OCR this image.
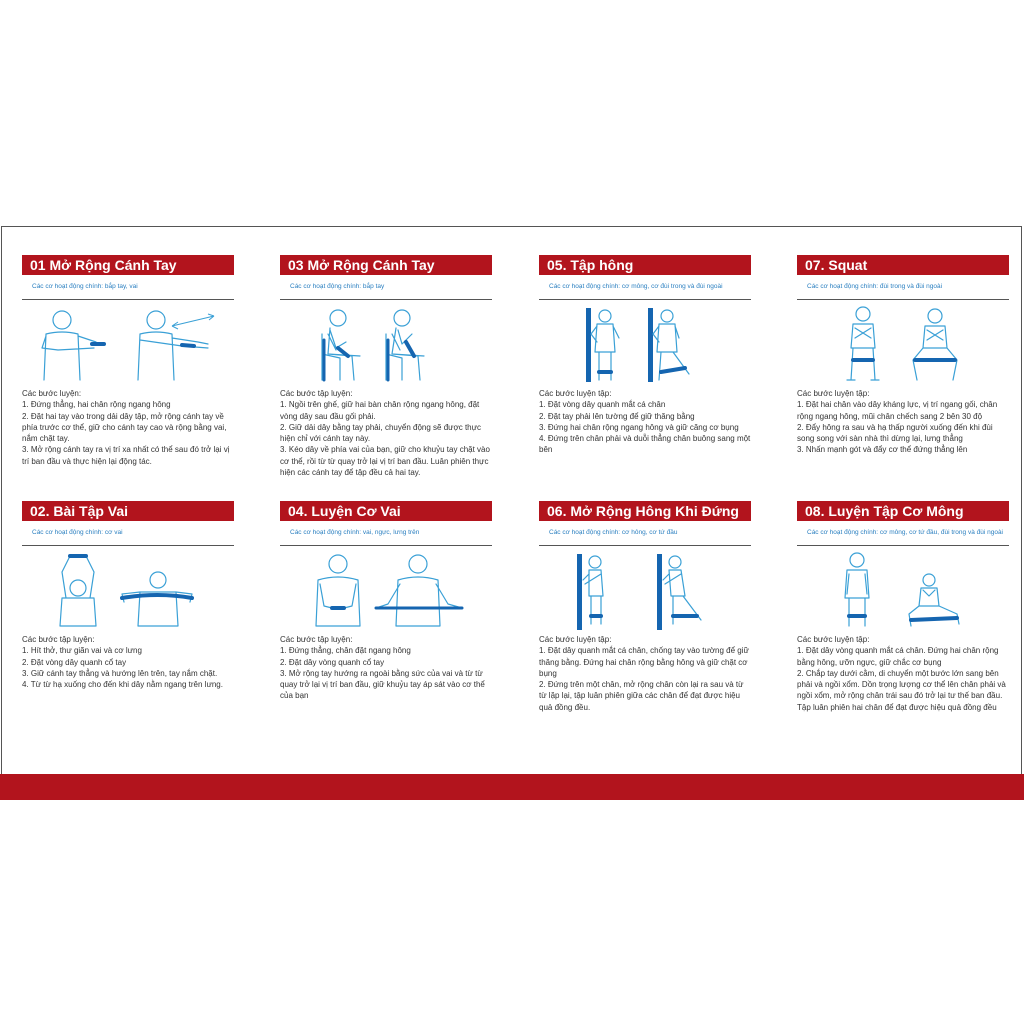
01 Mở Rộng Cánh Tay
Các cơ hoạt động chính: bắp tay, vai

Các bước luyện:

1. Đứng thẳng, hai chân rộng ngang hông
2. Đặt hai tay vào trong dải dây tập, mở rộng cánh tay về phía trước cơ thể, giữ cho cánh tay cao và rộng bằng vai, nắm chặt tay.
3. Mở rộng cánh tay ra vị trí xa nhất có thể sau đó trở lại vị trí ban đầu và thực hiện lại động tác.
03 Mở Rộng Cánh Tay
Các cơ hoạt động chính: bắp tay

Các bước tập luyện:

1. Ngồi trên ghế, giữ hai bàn chân rộng ngang hông, đặt vòng dây sau đầu gối phải.
2. Giữ dải dây bằng tay phải, chuyển động sẽ được thực hiện chỉ với cánh tay này.
3. Kéo dây về phía vai của bạn, giữ cho khuỷu tay chặt vào cơ thể, rồi từ từ quay trở lại vị trí ban đầu. Luân phiên thực hiện các cánh tay để tập đều cả hai tay.
05. Tập hông
Các cơ hoạt động chính: cơ mông, cơ đùi trong và đùi ngoài

Các bước luyện tập:

1. Đặt vòng dây quanh mắt cá chân
2. Đặt tay phải lên tường để giữ thăng bằng
3. Đứng hai chân rộng ngang hông và giữ căng cơ bụng
4. Đứng trên chân phải và duỗi thẳng chân buông sang một bên
07. Squat
Các cơ hoạt động chính: đùi trong và đùi ngoài

Các bước luyện tập:

1. Đặt hai chân vào dây kháng lực, vị trí ngang gối, chân rộng ngang hông, mũi chân chếch sang 2 bên 30 độ
2. Đẩy hông ra sau và hạ thấp người xuống đến khi đùi song song với sàn nhà thì dừng lại, lưng thẳng
3. Nhấn mạnh gót và đẩy cơ thể đứng thẳng lên
02. Bài Tập Vai
Các cơ hoạt động chính: cơ vai

Các bước tập luyện:

1. Hít thở, thư giãn vai và cơ lưng
2. Đặt vòng dây quanh cổ tay
3. Giữ cánh tay thẳng và hướng lên trên, tay nắm chặt.
4. Từ từ hạ xuống cho đến khi dây nằm ngang trên lưng.
04. Luyện Cơ Vai
Các cơ hoạt động chính: vai, ngực, lưng trên

Các bước tập luyện:

1. Đứng thẳng, chân đặt ngang hông
2. Đặt dây vòng quanh cổ tay
3. Mở rộng tay hướng ra ngoài bằng sức của vai và từ từ quay trở lại vị trí ban đầu, giữ khuỷu tay áp sát vào cơ thể của bạn
06. Mở Rộng Hông Khi Đứng
Các cơ hoạt động chính: cơ hông, cơ tứ đầu

Các bước luyện tập:

1. Đặt dây quanh mắt cá chân, chống tay vào tường để giữ thăng bằng. Đứng hai chân rộng bằng hông và giữ chặt cơ bụng
2. Đứng trên một chân, mở rộng chân còn lại ra sau và từ từ lặp lại, tập luân phiên giữa các chân để đạt được hiệu quả đồng đều.
08. Luyện Tập Cơ Mông
Các cơ hoạt động chính: cơ mông, cơ tứ đầu, đùi trong và đùi ngoài

Các bước luyện tập:

1. Đặt dây vòng quanh mắt cá chân. Đứng hai chân rộng bằng hông, ưỡn ngực, giữ chắc cơ bụng
2. Chắp tay dưới cằm, di chuyển một bước lớn sang bên phải và ngồi xổm. Dồn trọng lượng cơ thể lên chân phải và ngồi xổm, mở rộng chân trái sau đó trở lại tư thế ban đầu. Tập luân phiên hai chân để đạt được hiệu quả đồng đều
